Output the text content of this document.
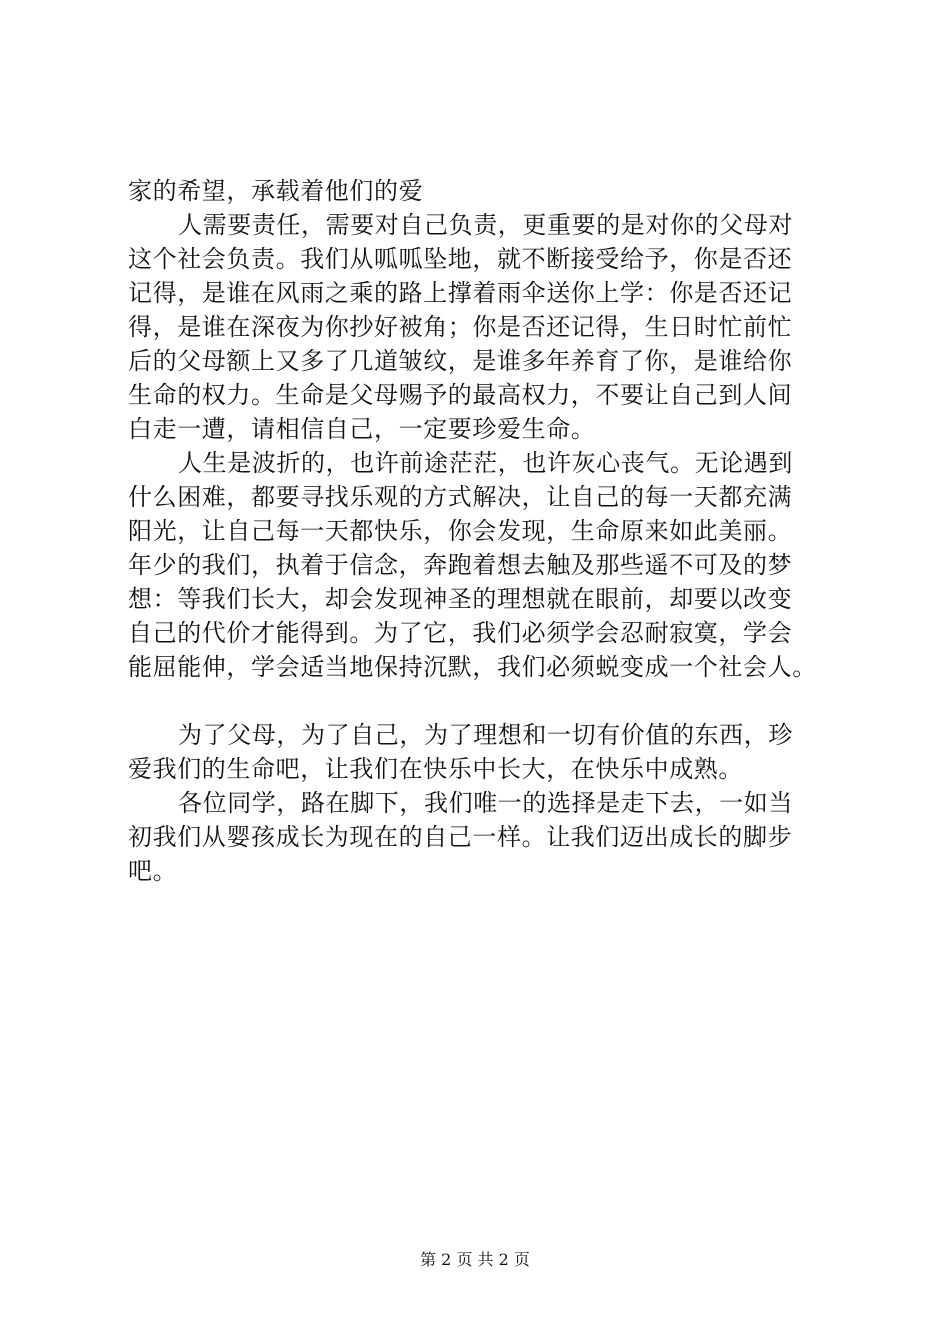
家的希望，承载着他们的爱
人需要责任，需要对自己负责，更重要的是对你的父母对
这个社会负责。我们从呱呱坠地，就不断接受给予，你是否还
记得，是谁在风雨之乘的路上撑着雨伞送你上学：你是否还记
得，是谁在深夜为你抄好被角；你是否还记得，生日时忙前忙
后的父母额上又多了几道皱纹，是谁多年养育了你，是谁给你
生命的权力。生命是父母赐予的最高权力，不要让自己到人间
白走一遭，请相信自己，一定要珍爱生命。
人生是波折的，也许前途茫茫，也许灰心丧气。无论遇到
什么困难，都要寻找乐观的方式解决，让自己的每一天都充满
阳光，让自己每一天都快乐，你会发现，生命原来如此美丽。
年少的我们，执着于信念，奔跑着想去触及那些遥不可及的梦
想：等我们长大，却会发现神圣的理想就在眼前，却要以改变
自己的代价才能得到。为了它，我们必须学会忍耐寂寞，学会
能屈能伸，学会适当地保持沉默，我们必须蜕变成一个社会人。
为了父母，为了自己，为了理想和一切有价值的东西，珍
爱我们的生命吧，让我们在快乐中长大，在快乐中成熟。
各位同学，路在脚下，我们唯一的选择是走下去，一如当
初我们从婴孩成长为现在的自己一样。让我们迈出成长的脚步
吧。
第 2 页 共 2 页
